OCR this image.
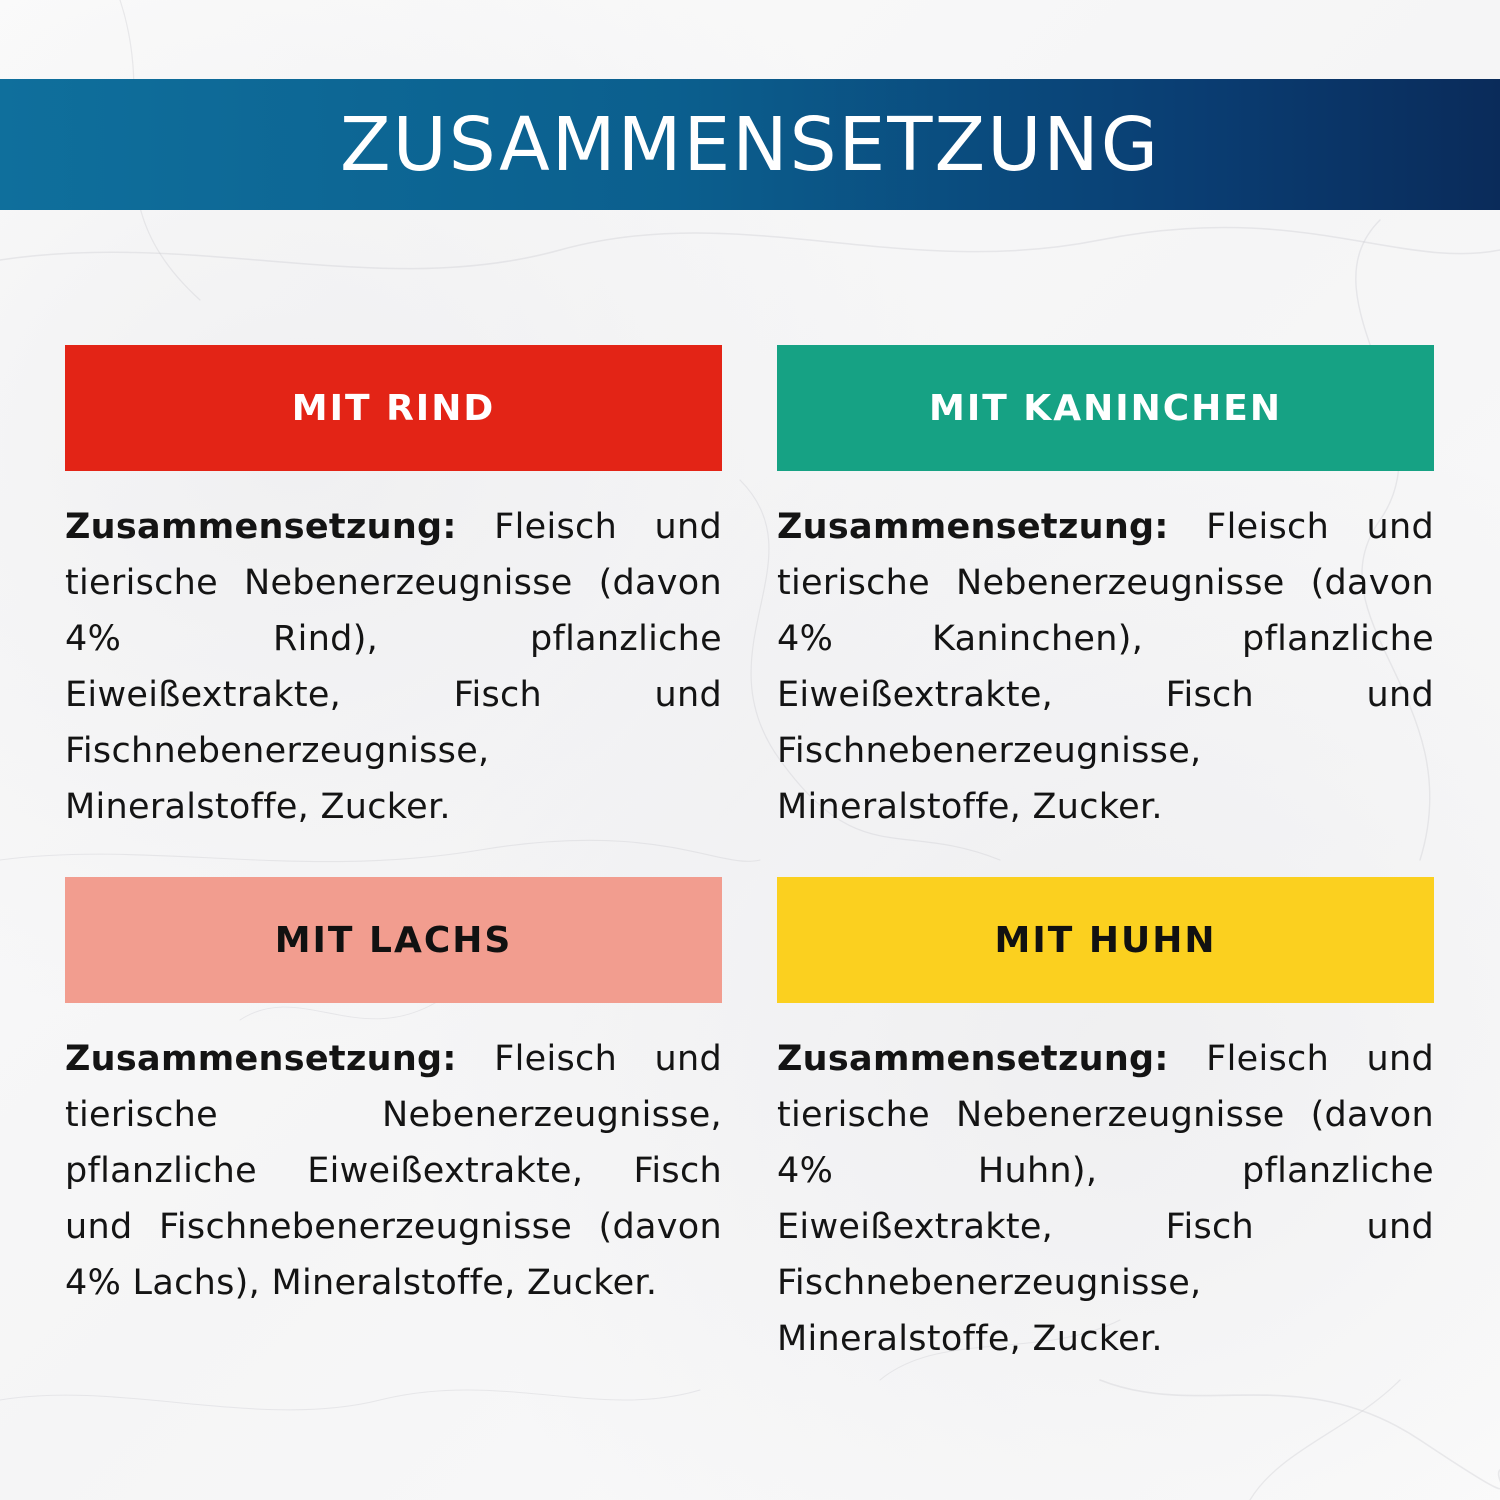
ZUSAMMENSETZUNG
MIT RIND
Zusammensetzung: Fleisch und tierische Nebenerzeugnisse (davon 4% Rind), pflanzliche Eiweißextrakte, Fisch und Fischnebenerzeugnisse, Mineralstoffe, Zucker.
MIT KANINCHEN
Zusammensetzung: Fleisch und tierische Nebenerzeugnisse (davon 4% Kaninchen), pflanzliche Eiweißextrakte, Fisch und Fischnebenerzeugnisse, Mineralstoffe, Zucker.
MIT LACHS
Zusammensetzung: Fleisch und tierische Nebenerzeugnisse, pflanzliche Eiweißextrakte, Fisch und Fischnebenerzeugnisse (davon 4% Lachs), Mineralstoffe, Zucker.
MIT HUHN
Zusammensetzung: Fleisch und tierische Nebenerzeugnisse (davon 4% Huhn), pflanzliche Eiweißextrakte, Fisch und Fischnebenerzeugnisse, Mineralstoffe, Zucker.
